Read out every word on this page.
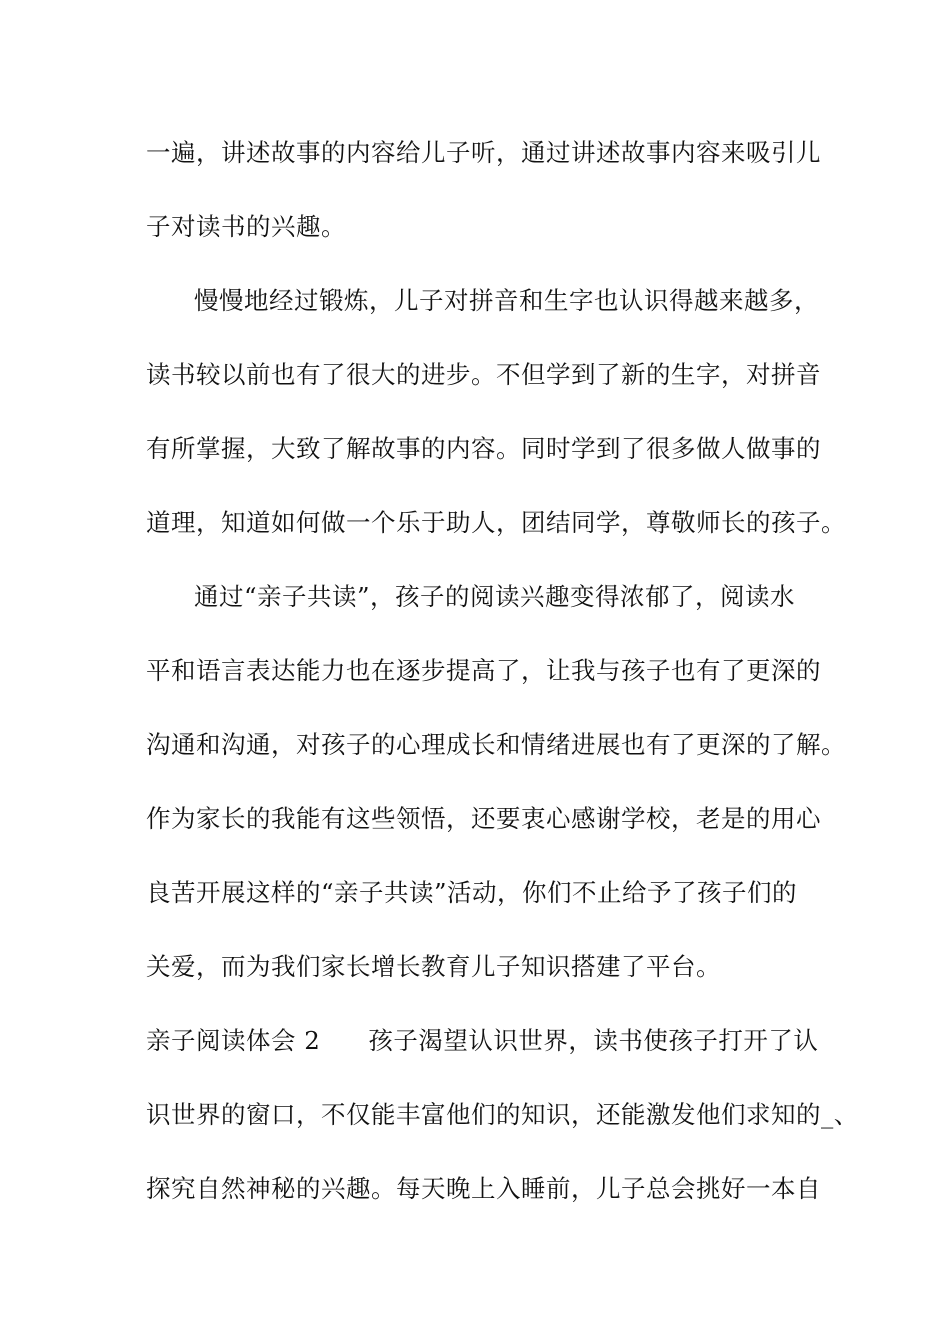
一遍，讲述故事的内容给儿子听，通过讲述故事内容来吸引儿
子对读书的兴趣。
慢慢地经过锻炼，儿子对拼音和生字也认识得越来越多，
读书较以前也有了很大的进步。不但学到了新的生字，对拼音
有所掌握，大致了解故事的内容。同时学到了很多做人做事的
道理，知道如何做一个乐于助人，团结同学，尊敬师长的孩子。
通过“亲子共读”，孩子的阅读兴趣变得浓郁了，阅读水
平和语言表达能力也在逐步提高了，让我与孩子也有了更深的
沟通和沟通，对孩子的心理成长和情绪进展也有了更深的了解。
作为家长的我能有这些领悟，还要衷心感谢学校，老是的用心
良苦开展这样的“亲子共读”活动，你们不止给予了孩子们的
关爱，而为我们家长增长教育儿子知识搭建了平台。
亲子阅读体会 2 孩子渴望认识世界，读书使孩子打开了认
识世界的窗口，不仅能丰富他们的知识，还能激发他们求知的_、
探究自然神秘的兴趣。每天晚上入睡前，儿子总会挑好一本自
